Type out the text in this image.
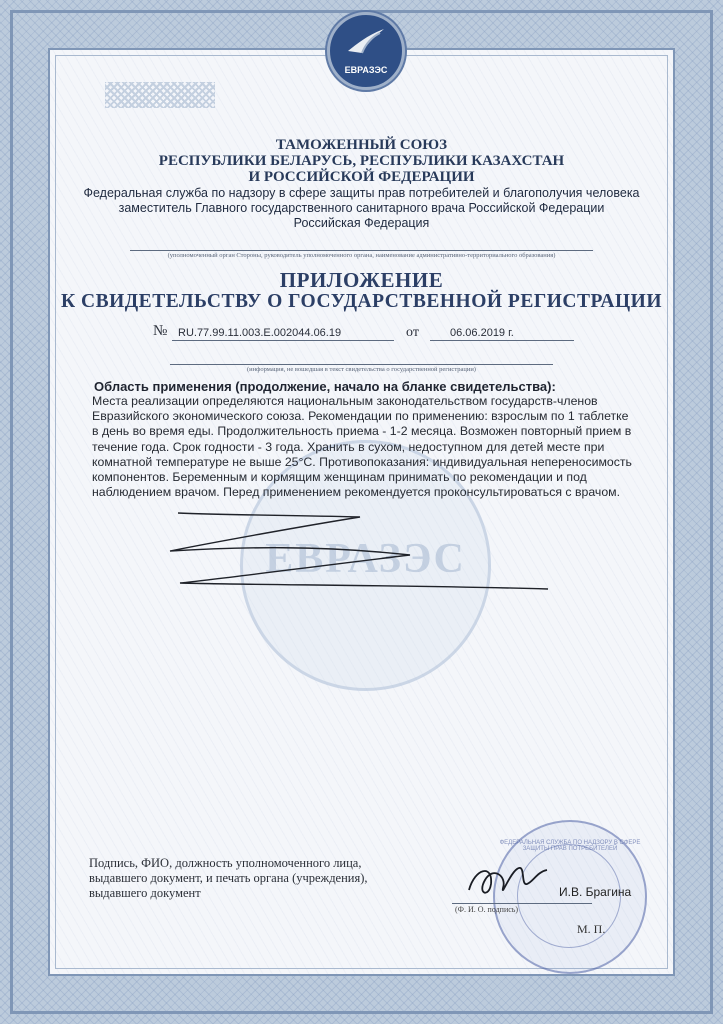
ЕВРАЗЭС
ЕВРАЗЭС
ТАМОЖЕННЫЙ СОЮЗ
РЕСПУБЛИКИ БЕЛАРУСЬ, РЕСПУБЛИКИ КАЗАХСТАН
И РОССИЙСКОЙ ФЕДЕРАЦИИ
Федеральная служба по надзору в сфере защиты прав потребителей и благополучия человека
заместитель Главного государственного санитарного врача Российской Федерации
Российская Федерация
(уполномоченный орган Стороны, руководитель уполномоченного органа, наименование административно-территориального образования)
ПРИЛОЖЕНИЕ
К СВИДЕТЕЛЬСТВУ О ГОСУДАРСТВЕННОЙ РЕГИСТРАЦИИ
№ RU.77.99.11.003.E.002044.06.19	от	06.06.2019 г.
(информация, не вошедшая в текст свидетельства о государственной регистрации)
Область применения (продолжение, начало на бланке свидетельства):
Места реализации определяются национальным законодательством государств-членов Евразийского экономического союза. Рекомендации по применению: взрослым по 1 таблетке в день во время еды. Продолжительность приема - 1-2 месяца. Возможен повторный прием в течение года. Срок годности - 3 года. Хранить в сухом, недоступном для детей месте при комнатной температуре не выше 25°С. Противопоказания: индивидуальная непереносимость компонентов. Беременным и кормящим женщинам принимать по рекомендации и под наблюдением врачом. Перед применением рекомендуется проконсультироваться с врачом.
Подпись, ФИО, должность уполномоченного лица, выдавшего документ, и печать органа (учреждения), выдавшего документ
ФЕДЕРАЛЬНАЯ СЛУЖБА ПО НАДЗОРУ В СФЕРЕ ЗАЩИТЫ ПРАВ ПОТРЕБИТЕЛЕЙ
И.В. Брагина
(Ф. И. О. подпись)
М. П.
